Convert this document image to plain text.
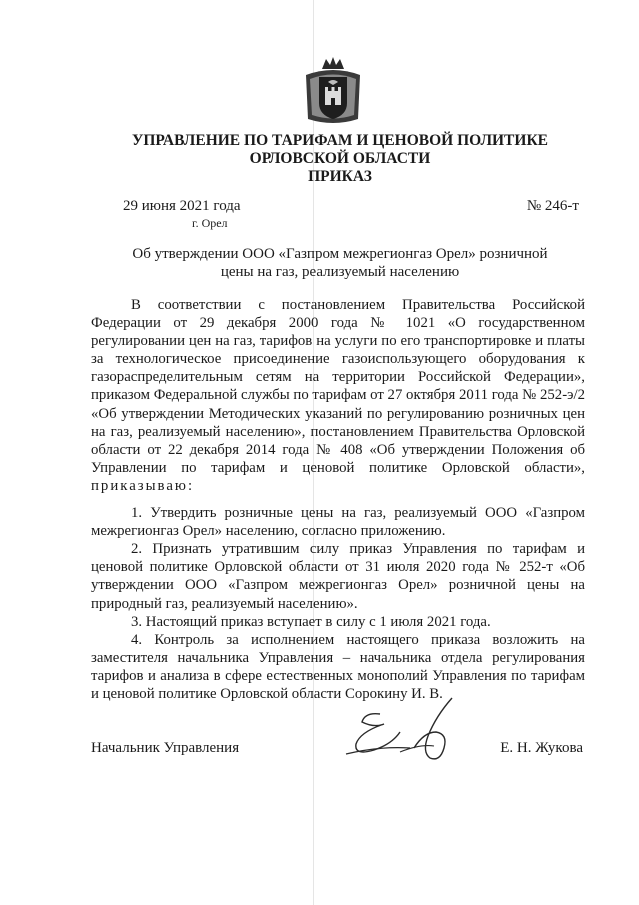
УПРАВЛЕНИЕ ПО ТАРИФАМ И ЦЕНОВОЙ ПОЛИТИКЕ
ОРЛОВСКОЙ ОБЛАСТИ
ПРИКАЗ
29 июня 2021 года
г. Орел
№ 246-т
Об утверждении ООО «Газпром межрегионгаз Орел» розничной
цены на газ, реализуемый населению

В соответствии с постановлением Правительства Российской Федерации от 29 декабря 2000 года № 1021 «О государственном регулировании цен на газ, тарифов на услуги по его транспортировке и платы за технологическое присоединение газоиспользующего оборудования к газораспределительным сетям на территории Российской Федерации», приказом Федеральной службы по тарифам от 27 октября 2011 года № 252-э/2 «Об утверждении Методических указаний по регулированию розничных цен на газ, реализуемый населению», постановлением Правительства Орловской области от 22 декабря 2014 года № 408 «Об утверждении Положения об Управлении по тарифам и ценовой политике Орловской области», приказываю:

1. Утвердить розничные цены на газ, реализуемый ООО «Газпром межрегионгаз Орел» населению, согласно приложению.

2. Признать утратившим силу приказ Управления по тарифам и ценовой политике Орловской области от 31 июля 2020 года № 252-т «Об утверждении ООО «Газпром межрегионгаз Орел» розничной цены на природный газ, реализуемый населению».

3. Настоящий приказ вступает в силу с 1 июля 2021 года.

4. Контроль за исполнением настоящего приказа возложить на заместителя начальника Управления – начальника отдела регулирования тарифов и анализа в сфере естественных монополий Управления по тарифам и ценовой политике Орловской области Сорокину И. В.

Начальник Управления	Е. Н. Жукова
